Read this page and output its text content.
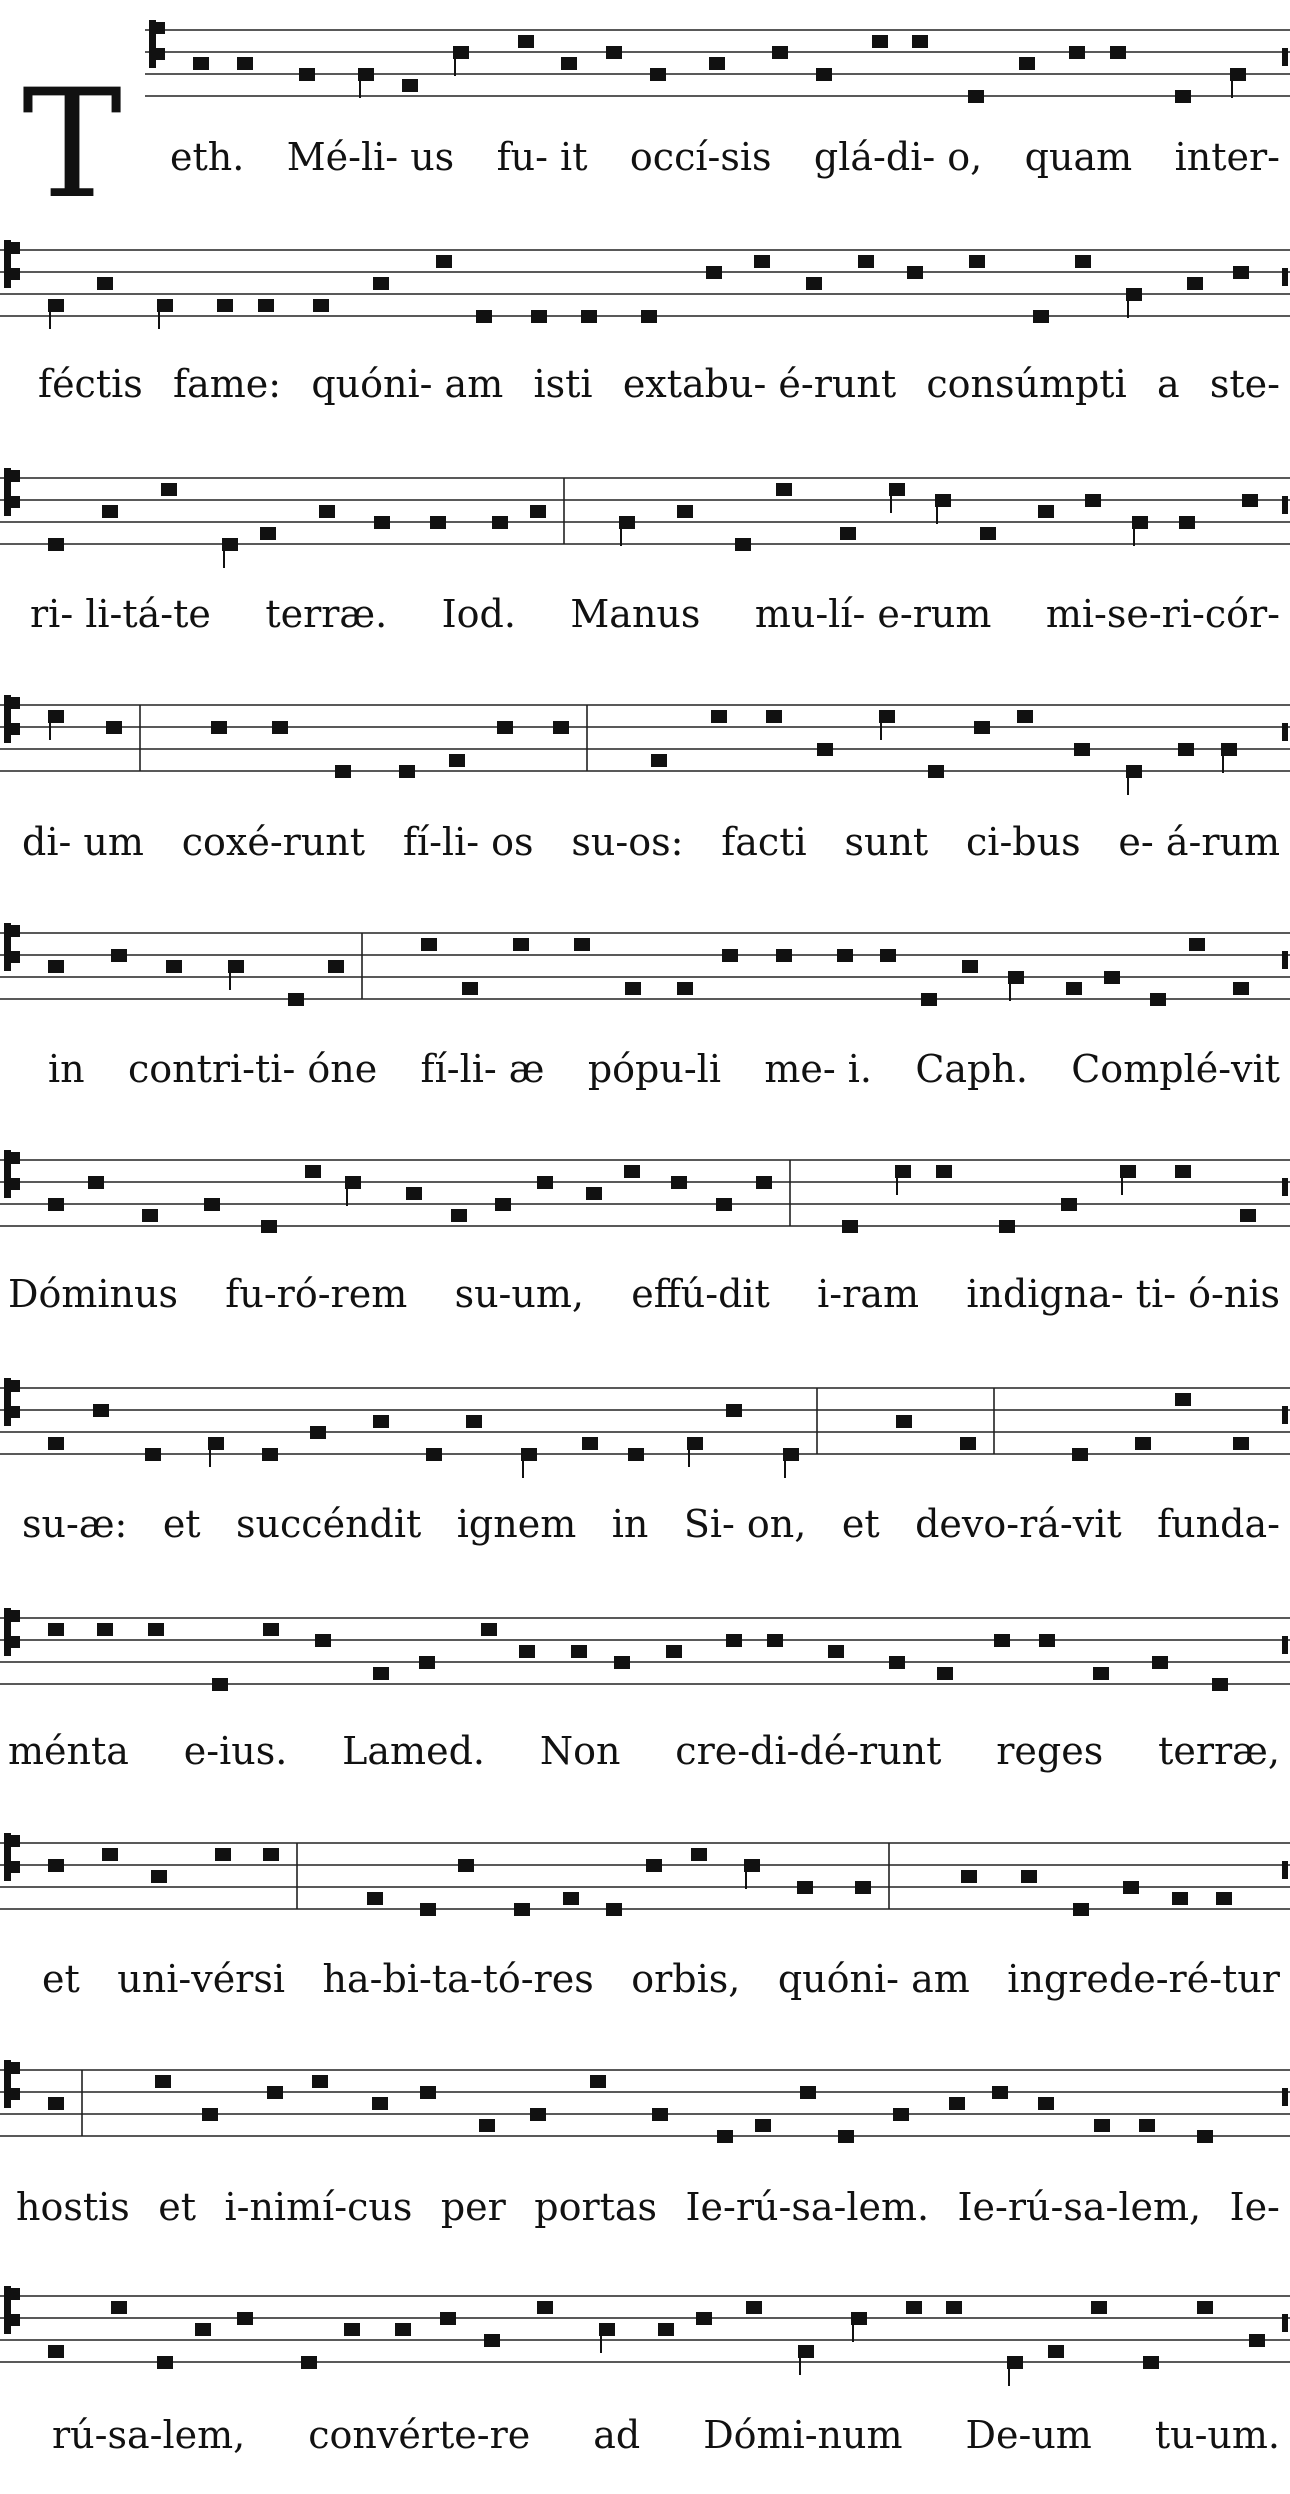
T eth. Mé-li- us fu- it occí-sis glá-di- o, quam inter-
féctis fame: quóni- am isti extabu- é-runt consúmpti a ste-
ri- li-tá-te terræ. Iod. Manus mu-lí- e-rum mi-se-ri-cór-
di- um coxé-runt fí-li- os su-os: facti sunt ci-bus e- á-rum
in contri-ti- óne fí-li- æ pópu-li me- i. Caph. Complé-vit
Dóminus fu-ró-rem su-um, effú-dit i-ram indigna- ti- ó-nis
su-æ: et succéndit ignem in Si- on, et devo-rá-vit funda-
ménta e-ius. Lamed. Non cre-di-dé-runt reges terræ,
et uni-vérsi ha-bi-ta-tó-res orbis, quóni- am ingrede-ré-tur
hostis et i-nimí-cus per portas Ie-rú-sa-lem. Ie-rú-sa-lem, Ie-
rú-sa-lem, convérte-re ad Dómi-num De-um tu-um.
